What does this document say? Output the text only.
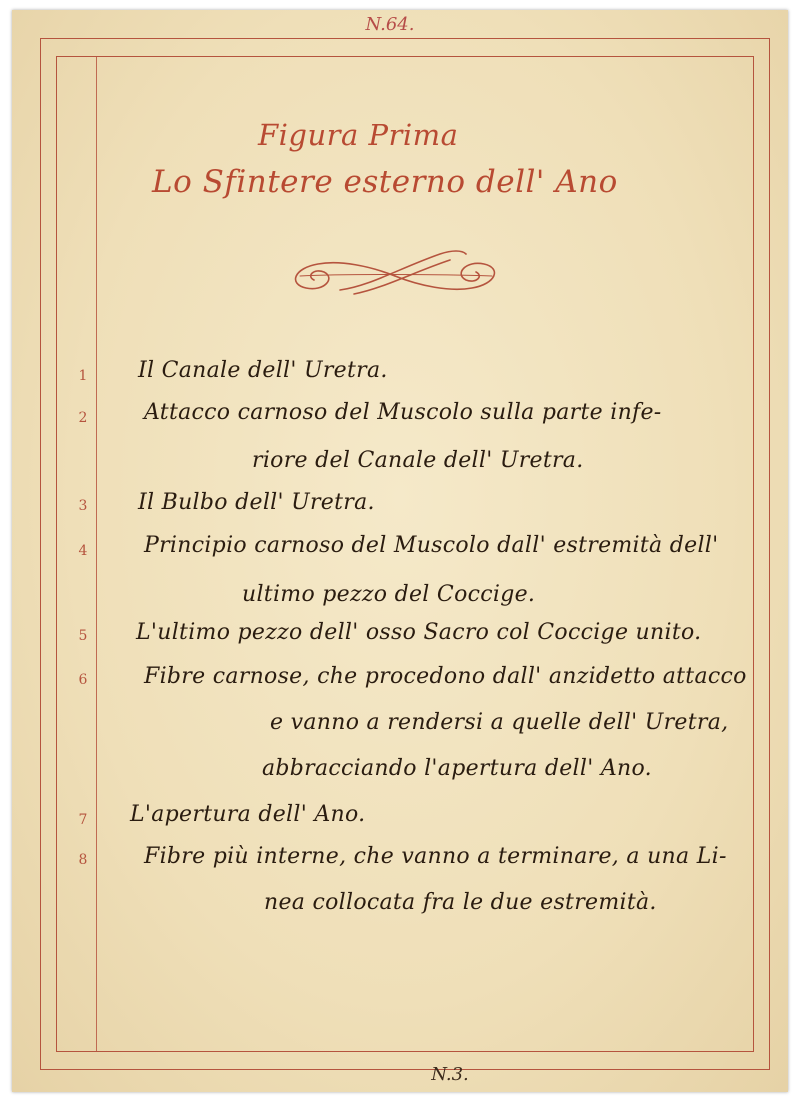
N.64.
N.3.
Figura Prima
Lo Sfintere esterno dell' Ano
1 Il Canale dell' Uretra.
2	Attacco carnoso del Muscolo sulla parte infe-
riore del Canale dell' Uretra.
3 Il Bulbo dell' Uretra.
4	Principio carnoso del Muscolo dall' estremità dell'
ultimo pezzo del Coccige.
5 L'ultimo pezzo dell' osso Sacro col Coccige unito.
6	Fibre carnose, che procedono dall' anzidetto attacco
e vanno a rendersi a quelle dell' Uretra,
abbracciando l'apertura dell' Ano.
7 L'apertura dell' Ano.
8	Fibre più interne, che vanno a terminare, a una Li-
nea collocata fra le due estremità.
